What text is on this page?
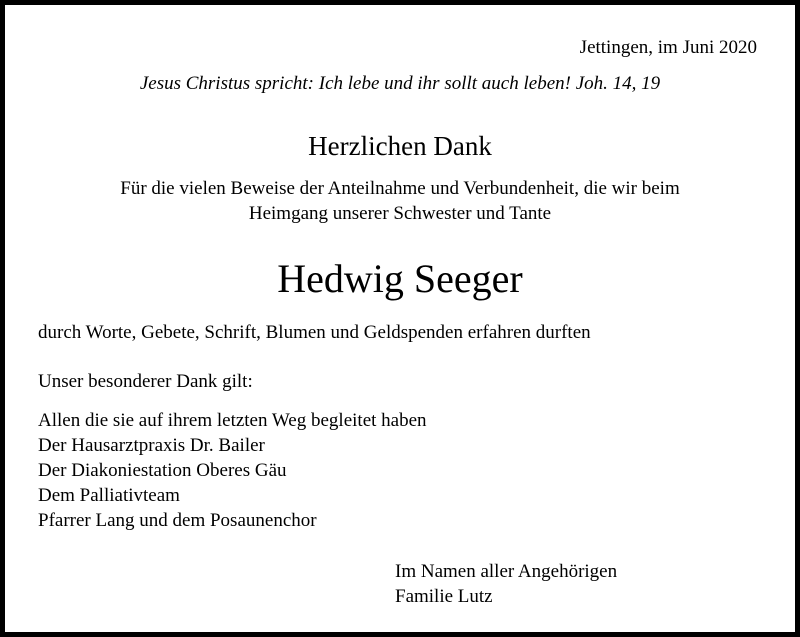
Jettingen, im Juni 2020
Jesus Christus spricht: Ich lebe und ihr sollt auch leben! Joh. 14, 19
Herzlichen Dank
Für die vielen Beweise der Anteilnahme und Verbundenheit, die wir beim
Heimgang unserer Schwester und Tante
Hedwig Seeger
durch Worte, Gebete, Schrift, Blumen und Geldspenden erfahren durften
Unser besonderer Dank gilt:
Allen die sie auf ihrem letzten Weg begleitet haben
Der Hausarztpraxis Dr. Bailer
Der Diakoniestation Oberes Gäu
Dem Palliativteam
Pfarrer Lang und dem Posaunenchor
Im Namen aller Angehörigen
Familie Lutz
